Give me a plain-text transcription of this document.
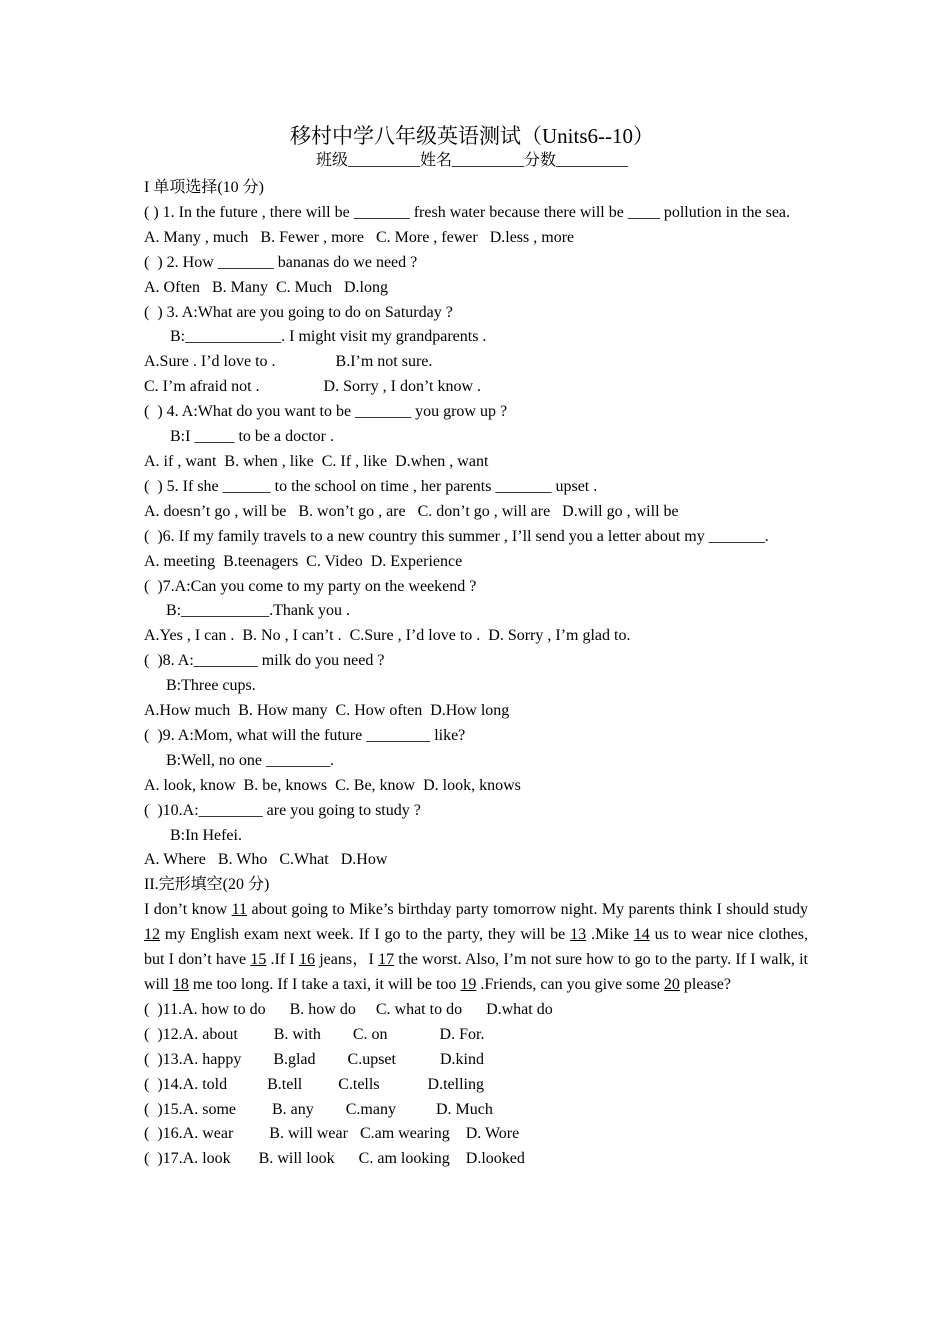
移村中学八年级英语测试（Units6--10）

班级_________姓名_________分数_________

I 单项选择(10 分)

( ) 1. In the future , there will be _______ fresh water because there will be ____ pollution in the sea.

A. Many , much   B. Fewer , more   C. More , fewer   D.less , more

(  ) 2. How _______ bananas do we need ?

A. Often   B. Many  C. Much   D.long

(  ) 3. A:What are you going to do on Saturday ?

B:____________. I might visit my grandparents .

A.Sure . I’d love to .               B.I’m not sure.

C. I’m afraid not .                D. Sorry , I don’t know .

(  ) 4. A:What do you want to be _______ you grow up ?

B:I _____ to be a doctor .

A. if , want  B. when , like  C. If , like  D.when , want

(  ) 5. If she ______ to the school on time , her parents _______ upset .

A. doesn’t go , will be   B. won’t go , are   C. don’t go , will are   D.will go , will be

(  )6. If my family travels to a new country this summer , I’ll send you a letter about my _______.

A. meeting  B.teenagers  C. Video  D. Experience

(  )7.A:Can you come to my party on the weekend ?

B:___________.Thank you .

A.Yes , I can .  B. No , I can’t .  C.Sure , I’d love to .  D. Sorry , I’m glad to.

(  )8. A:________ milk do you need ?

B:Three cups.

A.How much  B. How many  C. How often  D.How long

(  )9. A:Mom, what will the future ________ like?

B:Well, no one ________.

A. look, know  B. be, knows  C. Be, know  D. look, knows

(  )10.A:________ are you going to study ?

B:In Hefei.

A. Where   B. Who   C.What   D.How

II.完形填空(20 分)

I don’t know 11 about going to Mike’s birthday party tomorrow night. My parents think I should study 12 my English exam next week. If I go to the party, they will be 13 .Mike 14 us to wear nice clothes, but I don’t have 15 .If I 16 jeans，I 17 the worst. Also, I’m not sure how to go to the party. If I walk, it will 18 me too long. If I take a taxi, it will be too 19 .Friends, can you give some 20 please?

(  )11.A. how to do      B. how do     C. what to do      D.what do

(  )12.A. about         B. with        C. on             D. For.

(  )13.A. happy        B.glad        C.upset           D.kind

(  )14.A. told          B.tell         C.tells            D.telling

(  )15.A. some         B. any        C.many          D. Much

(  )16.A. wear         B. will wear   C.am wearing    D. Wore

(  )17.A. look       B. will look      C. am looking    D.looked
